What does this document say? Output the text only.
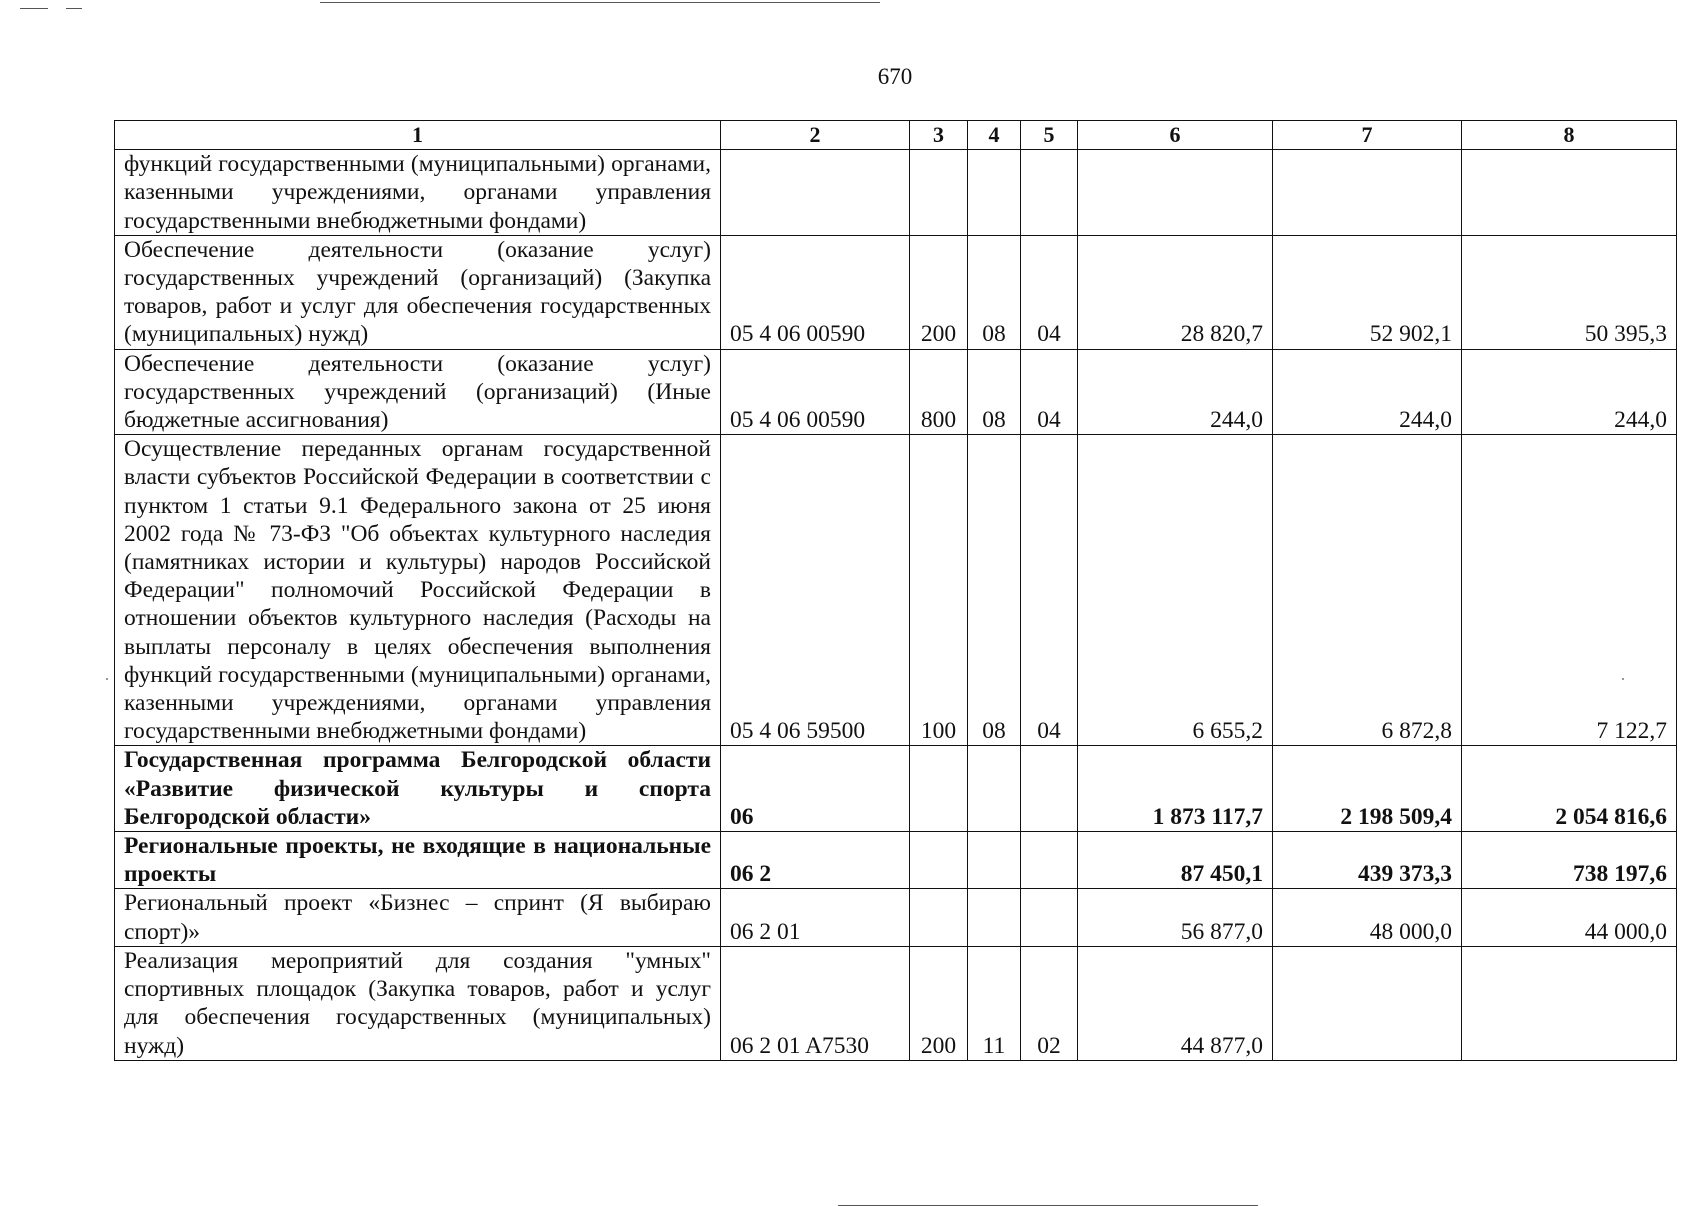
670
1	2	3	4	5	6	7	8
функций государственными (муниципальными) органами, казенными учреждениями, органами управления государственными внебюджетными фондами)							
Обеспечение деятельности (оказание услуг) государственных учреждений (организаций) (Закупка товаров, работ и услуг для обеспечения государственных (муниципальных) нужд)	05 4 06 00590	200	08	04	28 820,7	52 902,1	50 395,3
Обеспечение деятельности (оказание услуг) государственных учреждений (организаций) (Иные бюджетные ассигнования)	05 4 06 00590	800	08	04	244,0	244,0	244,0
Осуществление переданных органам государственной власти субъектов Российской Федерации в соответствии с пунктом 1 статьи 9.1 Федерального закона от 25 июня 2002 года № 73-ФЗ "Об объектах культурного наследия (памятниках истории и культуры) народов Российской Федерации" полномочий Российской Федерации в отношении объектов культурного наследия (Расходы на выплаты персоналу в целях обеспечения выполнения функций государственными (муниципальными) органами, казенными учреждениями, органами управления государственными внебюджетными фондами)	05 4 06 59500	100	08	04	6 655,2	6 872,8	7 122,7
Государственная программа Белгородской области «Развитие физической культуры и спорта Белгородской области»	06				1 873 117,7	2 198 509,4	2 054 816,6
Региональные проекты, не входящие в национальные проекты	06 2				87 450,1	439 373,3	738 197,6
Региональный проект «Бизнес – спринт (Я выбираю спорт)»	06 2 01				56 877,0	48 000,0	44 000,0
Реализация мероприятий для создания "умных" спортивных площадок (Закупка товаров, работ и услуг для обеспечения государственных (муниципальных) нужд)	06 2 01 A7530	200	11	02	44 877,0		
